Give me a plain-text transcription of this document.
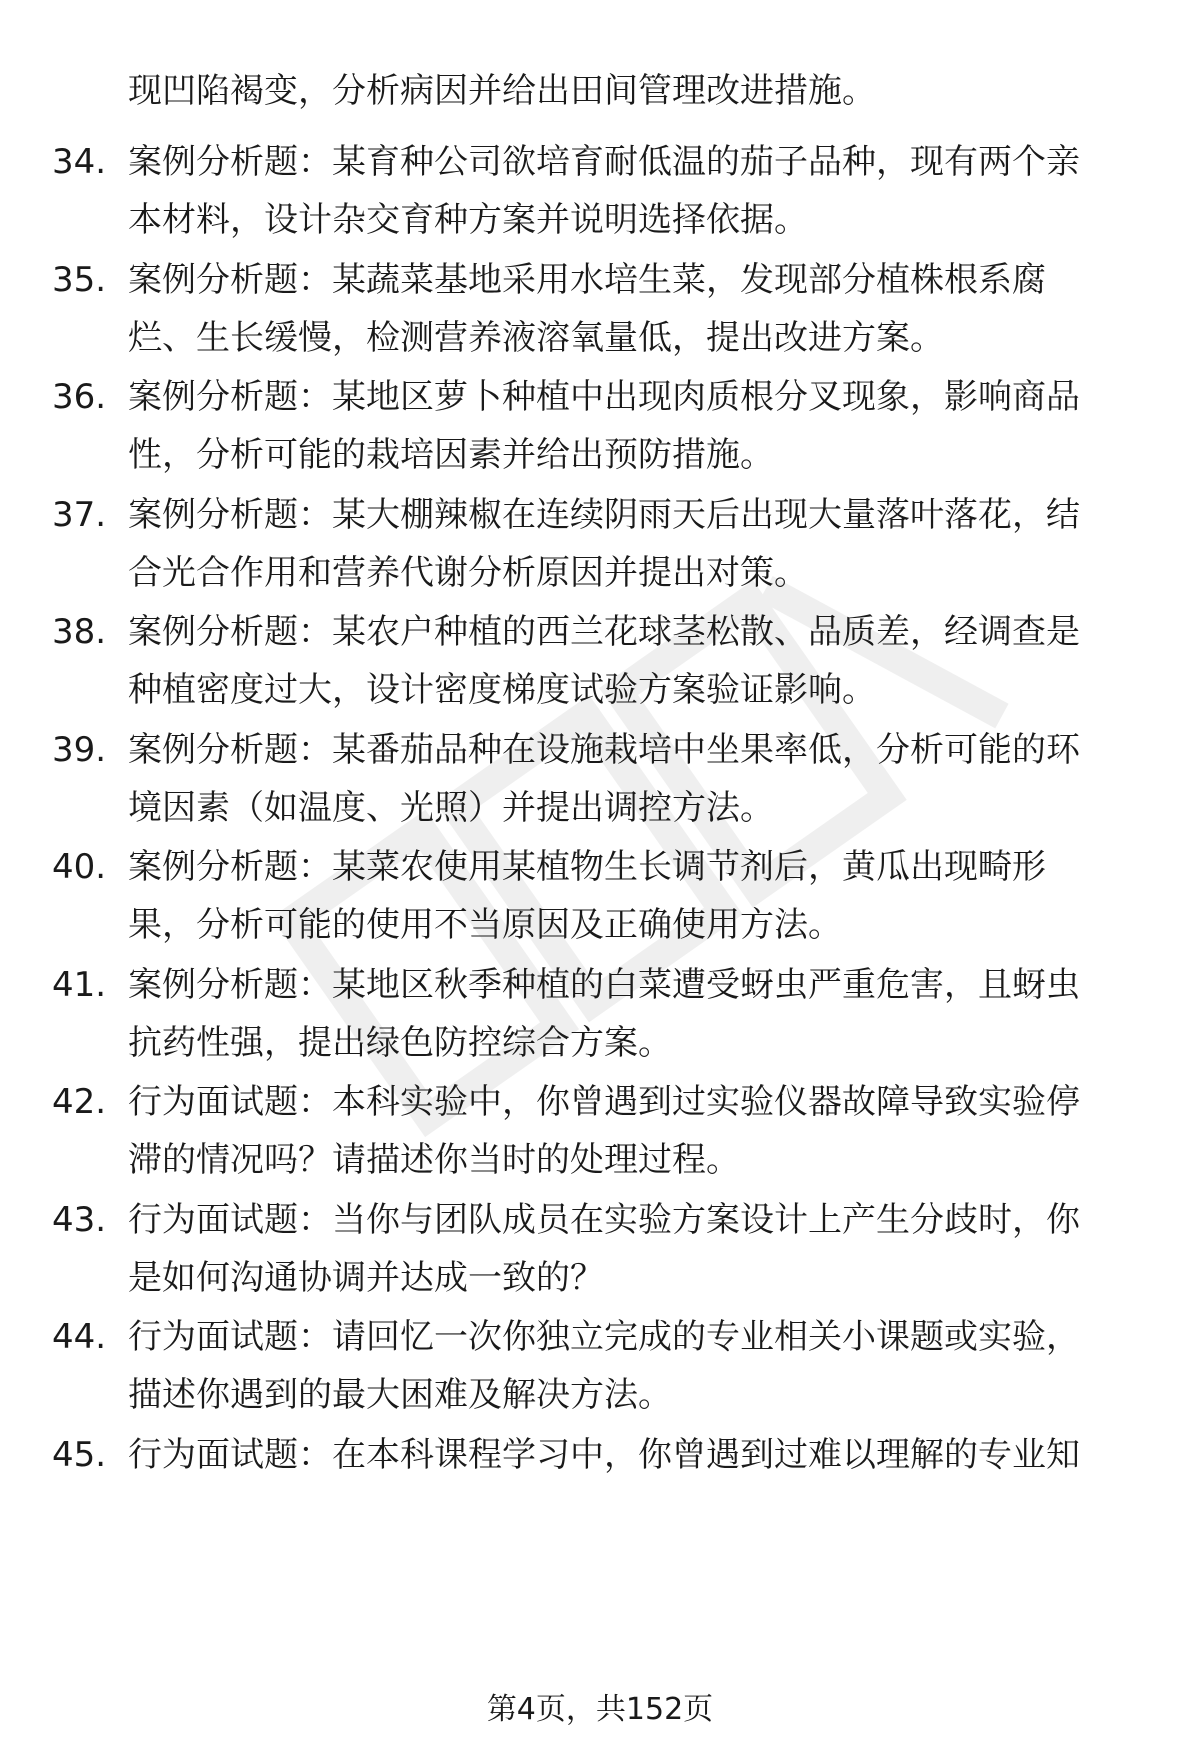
现凹陷褐变，分析病因并给出田间管理改进措施。
34. 案例分析题：某育种公司欲培育耐低温的茄子品种，现有两个亲
本材料，设计杂交育种方案并说明选择依据。
35. 案例分析题：某蔬菜基地采用水培生菜，发现部分植株根系腐
烂、生长缓慢，检测营养液溶氧量低，提出改进方案。
36. 案例分析题：某地区萝卜种植中出现肉质根分叉现象，影响商品
性，分析可能的栽培因素并给出预防措施。
37. 案例分析题：某大棚辣椒在连续阴雨天后出现大量落叶落花，结
合光合作用和营养代谢分析原因并提出对策。
38. 案例分析题：某农户种植的西兰花球茎松散、品质差，经调查是
种植密度过大，设计密度梯度试验方案验证影响。
39. 案例分析题：某番茄品种在设施栽培中坐果率低，分析可能的环
境因素（如温度、光照）并提出调控方法。
40. 案例分析题：某菜农使用某植物生长调节剂后，黄瓜出现畸形
果，分析可能的使用不当原因及正确使用方法。
41. 案例分析题：某地区秋季种植的白菜遭受蚜虫严重危害，且蚜虫
抗药性强，提出绿色防控综合方案。
42. 行为面试题：本科实验中，你曾遇到过实验仪器故障导致实验停
滞的情况吗？请描述你当时的处理过程。
43. 行为面试题：当你与团队成员在实验方案设计上产生分歧时，你
是如何沟通协调并达成一致的？
44. 行为面试题：请回忆一次你独立完成的专业相关小课题或实验，
描述你遇到的最大困难及解决方法。
45. 行为面试题：在本科课程学习中，你曾遇到过难以理解的专业知
第4页，共152页
